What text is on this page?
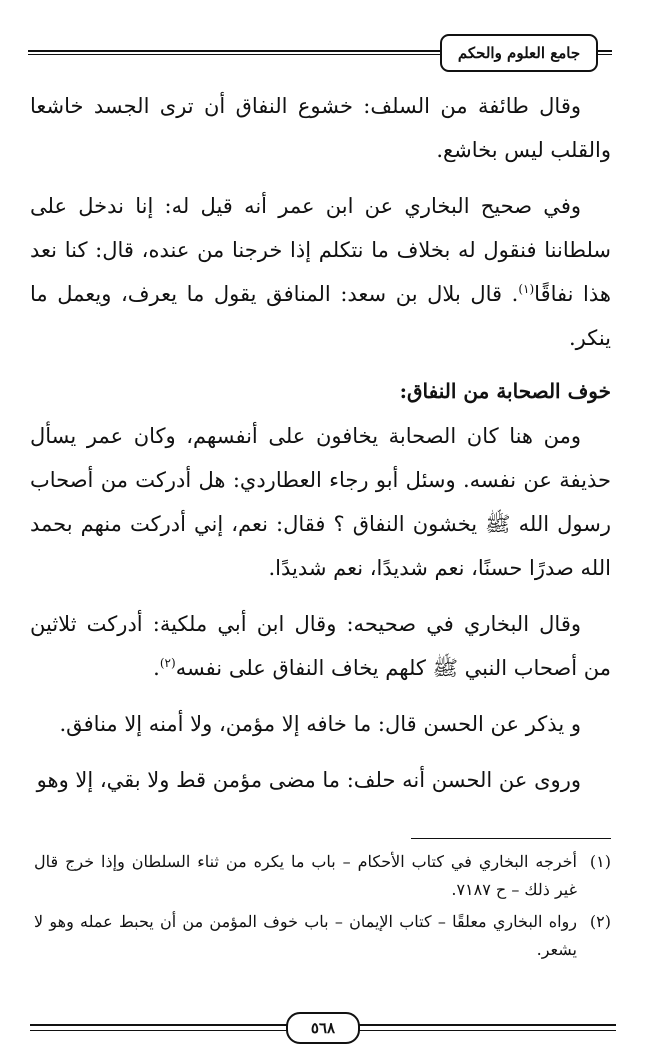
جامع العلوم والحكم

وقال طائفة من السلف: خشوع النفاق أن ترى الجسد خاشعا والقلب ليس بخاشع.

وفي صحيح البخاري عن ابن عمر أنه قيل له: إنا ندخل على سلطاننا فنقول له بخلاف ما نتكلم إذا خرجنا من عنده، قال: كنا نعد هذا نفاقًا$^{(١)}$. قال بلال بن سعد: المنافق يقول ما يعرف، ويعمل ما ينكر.

خوف الصحابة من النفاق:

ومن هنا كان الصحابة يخافون على أنفسهم، وكان عمر يسأل حذيفة عن نفسه. وسئل أبو رجاء العطاردي: هل أدركت من أصحاب رسول الله ﷺ يخشون النفاق ؟ فقال: نعم، إني أدركت منهم بحمد الله صدرًا حسنًا، نعم شديدًا، نعم شديدًا.

وقال البخاري في صحيحه: وقال ابن أبي ملكية: أدركت ثلاثين من أصحاب النبي ﷺ كلهم يخاف النفاق على نفسه$^{(٢)}$.

و يذكر عن الحسن قال: ما خافه إلا مؤمن، ولا أمنه إلا منافق.

وروى عن الحسن أنه حلف: ما مضى مؤمن قط ولا بقي، إلا وهو

(١)
أخرجه البخاري في كتاب الأحكام – باب ما يكره من ثناء السلطان وإذا خرج قال غير ذلك – ح ٧١٨٧.
(٢)
رواه البخاري معلقًا – كتاب الإيمان – باب خوف المؤمن من أن يحبط عمله وهو لا يشعر.
٥٦٨
